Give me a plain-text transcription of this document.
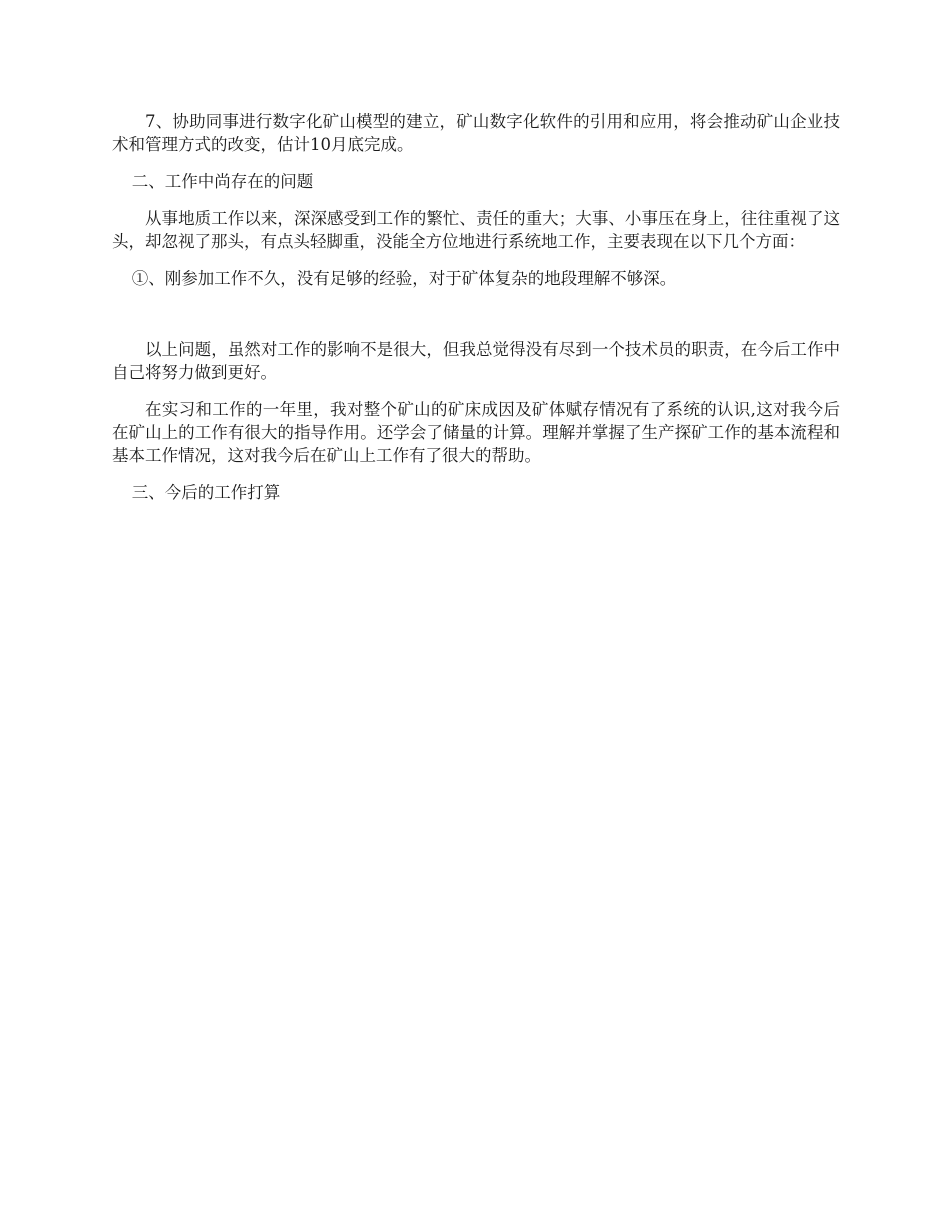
7、协助同事进行数字化矿山模型的建立，矿山数字化软件的引用和应用，将会推动矿山企业技术和管理方式的改变，估计10月底完成。

二、工作中尚存在的问题

从事地质工作以来，深深感受到工作的繁忙、责任的重大；大事、小事压在身上，往往重视了这头，却忽视了那头，有点头轻脚重，没能全方位地进行系统地工作，主要表现在以下几个方面：

①、刚参加工作不久，没有足够的经验，对于矿体复杂的地段理解不够深。

以上问题，虽然对工作的影响不是很大，但我总觉得没有尽到一个技术员的职责，在今后工作中自己将努力做到更好。

在实习和工作的一年里，我对整个矿山的矿床成因及矿体赋存情况有了系统的认识,这对我今后在矿山上的工作有很大的指导作用。还学会了储量的计算。理解并掌握了生产探矿工作的基本流程和基本工作情况，这对我今后在矿山上工作有了很大的帮助。

三、今后的工作打算
